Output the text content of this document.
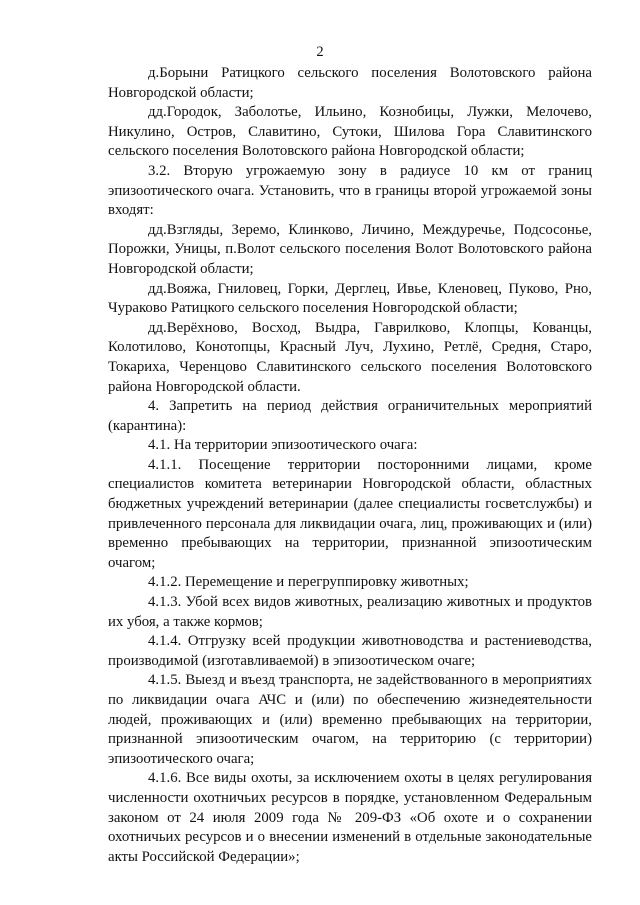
2

д.Борыни Ратицкого сельского поселения Волотовского района Новгородской области;

дд.Городок, Заболотье, Ильино, Кознобицы, Лужки, Мелочево, Никулино, Остров, Славитино, Сутоки, Шилова Гора Славитинского сельского поселения Волотовского района Новгородской области;

3.2. Вторую угрожаемую зону в радиусе 10 км от границ эпизоотического очага. Установить, что в границы второй угрожаемой зоны входят:

дд.Взгляды, Зеремо, Клинково, Личино, Междуречье, Подсосонье, Порожки, Уницы, п.Волот сельского поселения Волот Волотовского района Новгородской области;

дд.Вояжа, Гниловец, Горки, Дерглец, Ивье, Кленовец, Пуково, Рно, Чураково Ратицкого сельского поселения Новгородской области;

дд.Верёхново, Восход, Выдра, Гаврилково, Клопцы, Кованцы, Колотилово, Конотопцы, Красный Луч, Лухино, Ретлё, Средня, Старо, Токариха, Черенцово Славитинского сельского поселения Волотовского района Новгородской области.

4. Запретить на период действия ограничительных мероприятий (карантина):

4.1. На территории эпизоотического очага:

4.1.1. Посещение территории посторонними лицами, кроме специалистов комитета ветеринарии Новгородской области, областных бюджетных учреждений ветеринарии (далее специалисты госветслужбы) и привлеченного персонала для ликвидации очага, лиц, проживающих и (или) временно пребывающих на территории, признанной эпизоотическим очагом;

4.1.2. Перемещение и перегруппировку животных;

4.1.3. Убой всех видов животных, реализацию животных и продуктов их убоя, а также кормов;

4.1.4. Отгрузку всей продукции животноводства и растениеводства, производимой (изготавливаемой) в эпизоотическом очаге;

4.1.5. Выезд и въезд транспорта, не задействованного в мероприятиях по ликвидации очага АЧС и (или) по обеспечению жизнедеятельности людей, проживающих и (или) временно пребывающих на территории, признанной эпизоотическим очагом, на территорию (с территории) эпизоотического очага;

4.1.6. Все виды охоты, за исключением охоты в целях регулирования численности охотничьих ресурсов в порядке, установленном Федеральным законом от 24 июля 2009 года № 209-ФЗ «Об охоте и о сохранении охотничьих ресурсов и о внесении изменений в отдельные законодательные акты Российской Федерации»;
